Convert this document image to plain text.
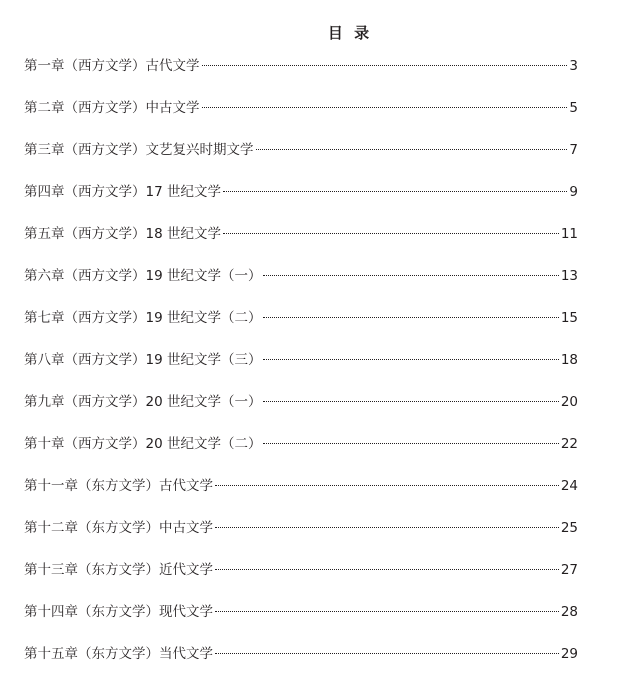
目 录
第一章（西方文学）古代文学	3
第二章（西方文学）中古文学	5
第三章（西方文学）文艺复兴时期文学	7
第四章（西方文学）17 世纪文学	9
第五章（西方文学）18 世纪文学	11
第六章（西方文学）19 世纪文学（一）	13
第七章（西方文学）19 世纪文学（二）	15
第八章（西方文学）19 世纪文学（三）	18
第九章（西方文学）20 世纪文学（一）	20
第十章（西方文学）20 世纪文学（二）	22
第十一章（东方文学）古代文学	24
第十二章（东方文学）中古文学	25
第十三章（东方文学）近代文学	27
第十四章（东方文学）现代文学	28
第十五章（东方文学）当代文学	29
